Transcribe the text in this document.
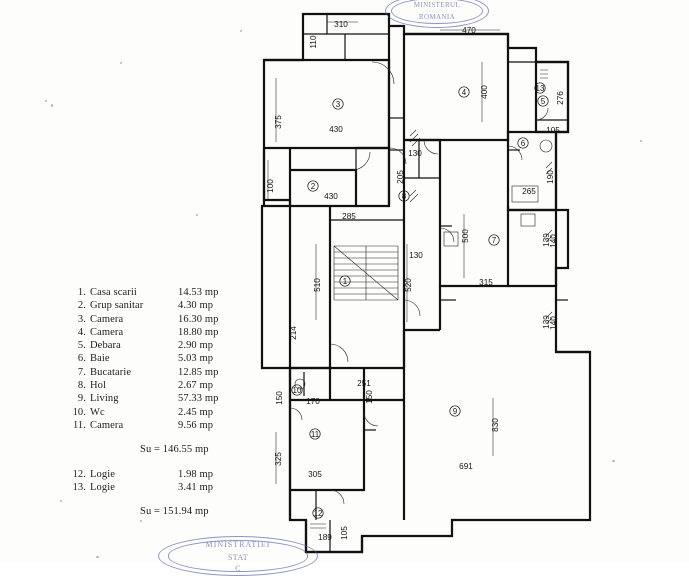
3
4
5
6
2
8
7
1
10
11
9
12
13
310
110
470
400	276
375
430	105
130
205
100
190
265
430
285
500
130
139
140
510	520	315
139
140
214
251
150	170	150
830
325
305
691
189 105
1. Casa scarii	14.53 mp
2. Grup sanitar	4.30 mp
3. Camera	16.30 mp
4. Camera	18.80 mp
5. Debara	2.90 mp
6. Baie	5.03 mp
7. Bucatarie	12.85 mp
8. Hol	2.67 mp
9. Living	57.33 mp
10. Wc	2.45 mp
11. Camera	9.56 mp
Su = 146.55 mp
12. Logie	1.98 mp
13. Logie	3.41 mp
Su = 151.94 mp
MINISTERUL
ROMANIA
MINISTRATIEI
STAT
C
